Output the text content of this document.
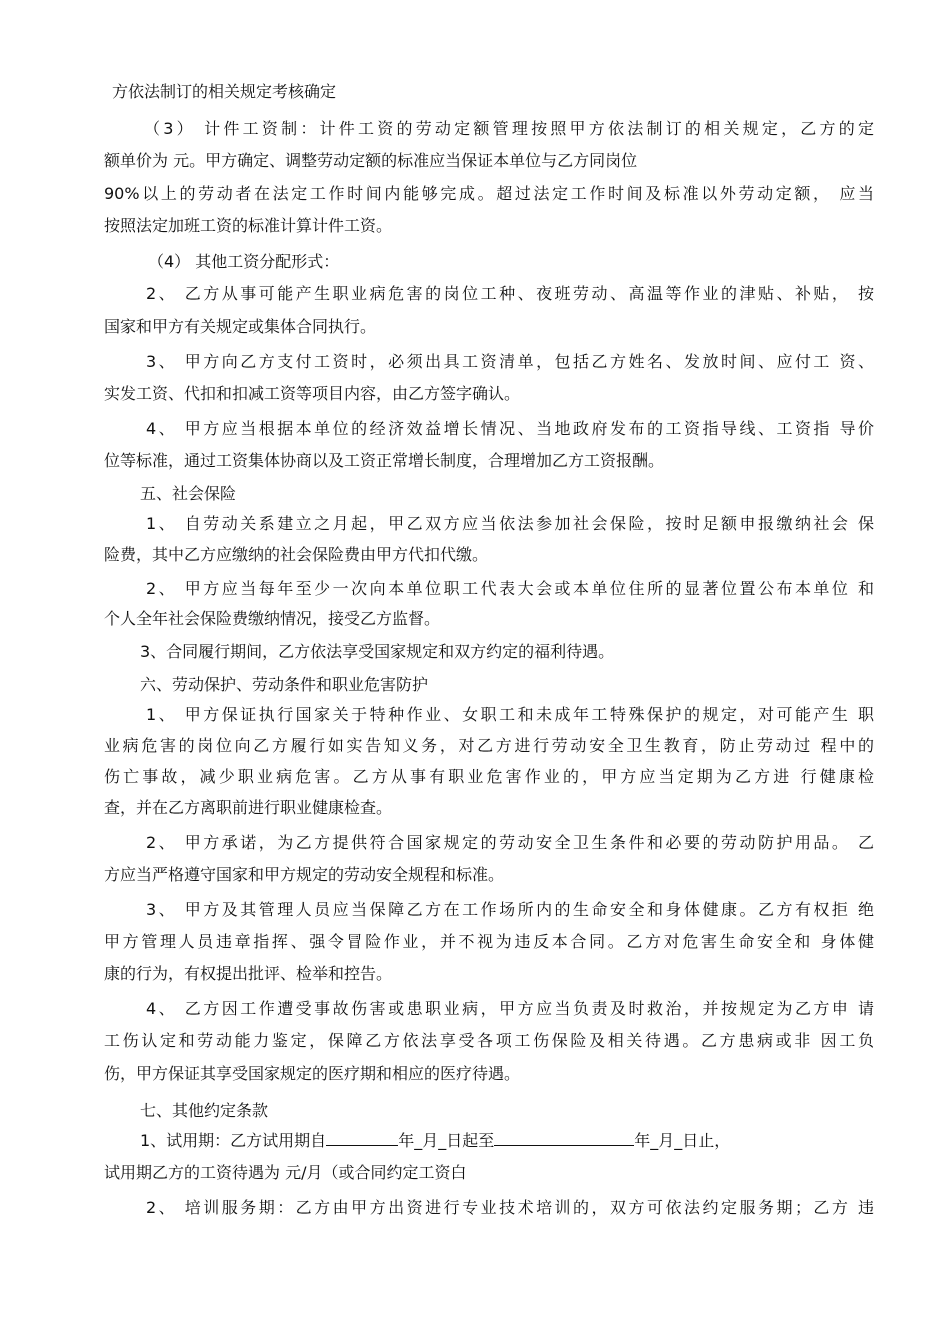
方依法制订的相关规定考核确定
（3） 计件工资制：计件工资的劳动定额管理按照甲方依法制订的相关规定，乙方的定
额单价为 元。甲方确定、调整劳动定额的标准应当保证本单位与乙方同岗位
90%以上的劳动者在法定工作时间内能够完成。超过法定工作时间及标准以外劳动定额， 应当
按照法定加班工资的标准计算计件工资。
（4） 其他工资分配形式：
2、 乙方从事可能产生职业病危害的岗位工种、夜班劳动、高温等作业的津贴、补贴， 按
国家和甲方有关规定或集体合同执行。
3、 甲方向乙方支付工资时，必须出具工资清单，包括乙方姓名、发放时间、应付工 资、
实发工资、代扣和扣减工资等项目内容，由乙方签字确认。
4、 甲方应当根据本单位的经济效益增长情况、当地政府发布的工资指导线、工资指 导价
位等标准，通过工资集体协商以及工资正常增长制度，合理增加乙方工资报酬。
五、社会保险
1、 自劳动关系建立之月起，甲乙双方应当依法参加社会保险，按时足额申报缴纳社会 保
险费，其中乙方应缴纳的社会保险费由甲方代扣代缴。
2、 甲方应当每年至少一次向本单位职工代表大会或本单位住所的显著位置公布本单位 和
个人全年社会保险费缴纳情况，接受乙方监督。
3、合同履行期间，乙方依法享受国家规定和双方约定的福利待遇。
六、劳动保护、劳动条件和职业危害防护
1、 甲方保证执行国家关于特种作业、女职工和未成年工特殊保护的规定，对可能产生 职
业病危害的岗位向乙方履行如实告知义务，对乙方进行劳动安全卫生教育，防止劳动过 程中的
伤亡事故，减少职业病危害。乙方从事有职业危害作业的，甲方应当定期为乙方进 行健康检
查，并在乙方离职前进行职业健康检查。
2、 甲方承诺，为乙方提供符合国家规定的劳动安全卫生条件和必要的劳动防护用品。 乙
方应当严格遵守国家和甲方规定的劳动安全规程和标准。
3、 甲方及其管理人员应当保障乙方在工作场所内的生命安全和身体健康。乙方有权拒 绝
甲方管理人员违章指挥、强令冒险作业，并不视为违反本合同。乙方对危害生命安全和 身体健
康的行为，有权提出批评、检举和控告。
4、 乙方因工作遭受事故伤害或患职业病，甲方应当负责及时救治，并按规定为乙方申 请
工伤认定和劳动能力鉴定，保障乙方依法享受各项工伤保险及相关待遇。乙方患病或非 因工负
伤，甲方保证其享受国家规定的医疗期和相应的医疗待遇。
七、其他约定条款
1、试用期：乙方试用期自	年_月_日起至	年_月_日止，
试用期乙方的工资待遇为 元/月（或合同约定工资白
2、 培训服务期：乙方由甲方出资进行专业技术培训的，双方可依法约定服务期；乙方 违
